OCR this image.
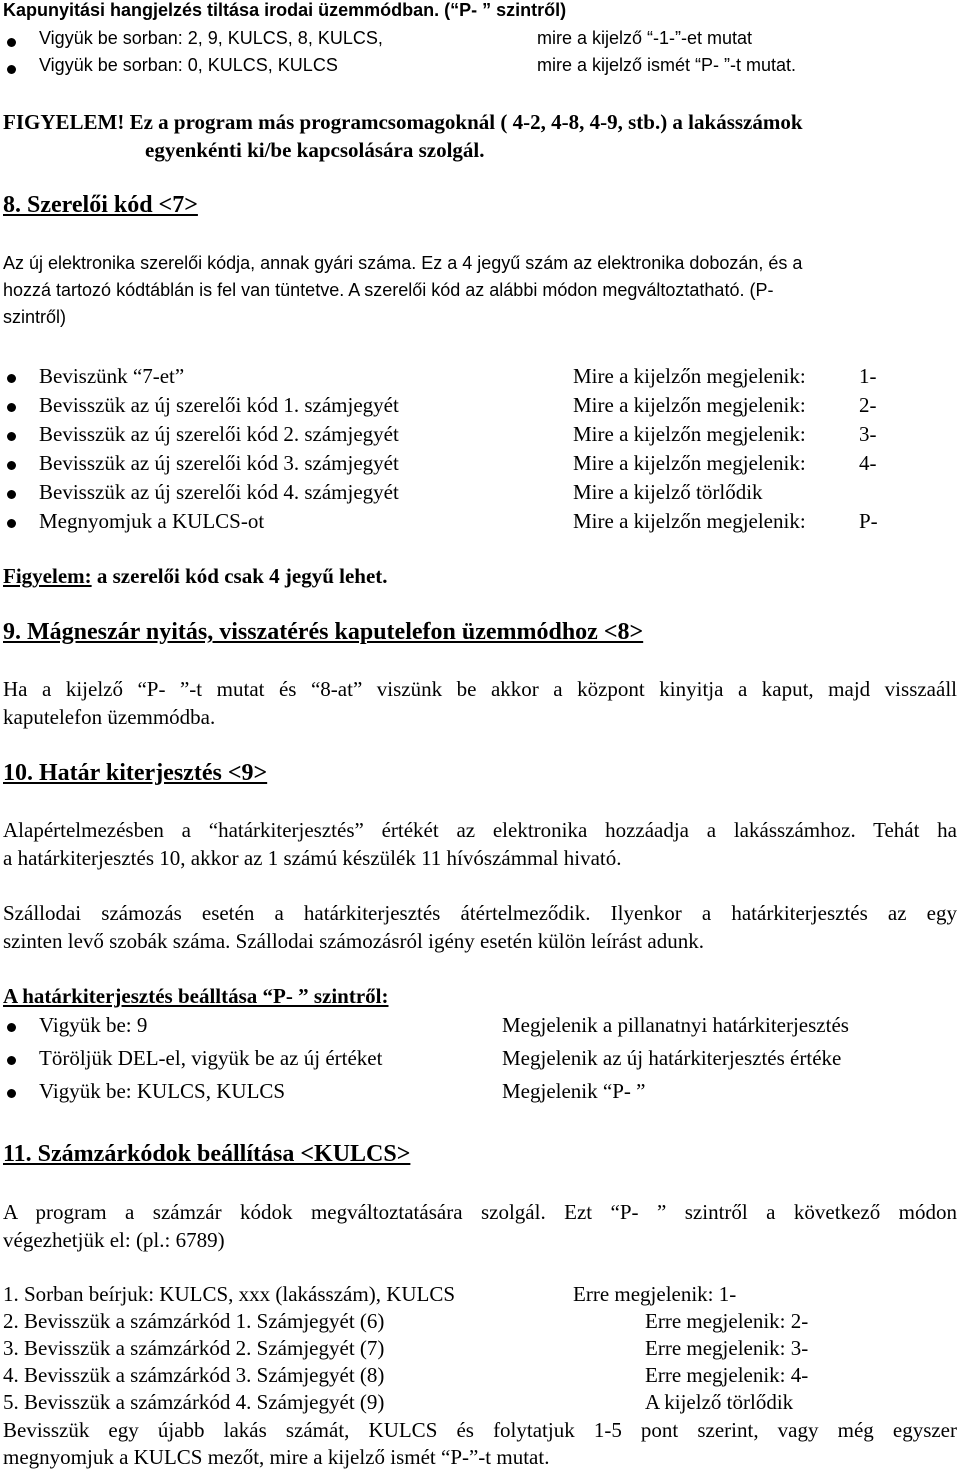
Kapunyitási hangjelzés tiltása irodai üzemmódban. (“P- ” szintről)
Vigyük be sorban: 2, 9, KULCS, 8, KULCS,	mire a kijelző “-1-”-et mutat
Vigyük be sorban: 0, KULCS, KULCS	mire a kijelző ismét “P- ”-t mutat.
FIGYELEM! Ez a program más programcsomagoknál ( 4-2, 4-8, 4-9, stb.) a lakásszámok
egyenkénti ki/be kapcsolására szolgál.
8. Szerelői kód <7>
Az új elektronika szerelői kódja, annak gyári száma. Ez a 4 jegyű szám az elektronika dobozán, és a
hozzá tartozó kódtáblán is fel van tüntetve. A szerelői kód az alábbi módon megváltoztatható. (P-
szintről)
Beviszünk “7-et”	Mire a kijelzőn megjelenik:	1-
Bevisszük az új szerelői kód 1. számjegyét	Mire a kijelzőn megjelenik:	2-
Bevisszük az új szerelői kód 2. számjegyét	Mire a kijelzőn megjelenik:	3-
Bevisszük az új szerelői kód 3. számjegyét	Mire a kijelzőn megjelenik:	4-
Bevisszük az új szerelői kód 4. számjegyét	Mire a kijelző törlődik
Megnyomjuk a KULCS-ot	Mire a kijelzőn megjelenik:	P-
Figyelem: a szerelői kód csak 4 jegyű lehet.
9. Mágneszár nyitás, visszatérés kaputelefon üzemmódhoz <8>
Ha a kijelző “P- ”-t mutat és “8-at” viszünk be akkor a központ kinyitja a kaput, majd visszaáll
kaputelefon üzemmódba.
10. Határ kiterjesztés <9>
Alapértelmezésben a “határkiterjesztés” értékét az elektronika hozzáadja a lakásszámhoz. Tehát ha
a határkiterjesztés 10, akkor az 1 számú készülék 11 hívószámmal hivató.
Szállodai számozás esetén a határkiterjesztés átértelmeződik. Ilyenkor a határkiterjesztés az egy
szinten levő szobák száma. Szállodai számozásról igény esetén külön leírást adunk.
A határkiterjesztés beálltása “P- ” szintről:
Vigyük be: 9	Megjelenik a pillanatnyi határkiterjesztés
Töröljük DEL-el, vigyük be az új értéket	Megjelenik az új határkiterjesztés értéke
Vigyük be: KULCS, KULCS	Megjelenik “P- ”
11. Számzárkódok beállítása <KULCS>
A program a számzár kódok megváltoztatására szolgál. Ezt “P- ” szintről a következő módon
végezhetjük el: (pl.: 6789)
1. Sorban beírjuk: KULCS, xxx (lakásszám), KULCS	Erre megjelenik: 1-
2. Bevisszük a számzárkód 1. Számjegyét (6)	Erre megjelenik: 2-
3. Bevisszük a számzárkód 2. Számjegyét (7)	Erre megjelenik: 3-
4. Bevisszük a számzárkód 3. Számjegyét (8)	Erre megjelenik: 4-
5. Bevisszük a számzárkód 4. Számjegyét (9)	A kijelző törlődik
Bevisszük egy újabb lakás számát, KULCS és folytatjuk 1-5 pont szerint, vagy még egyszer
megnyomjuk a KULCS mezőt, mire a kijelző ismét “P-”-t mutat.
